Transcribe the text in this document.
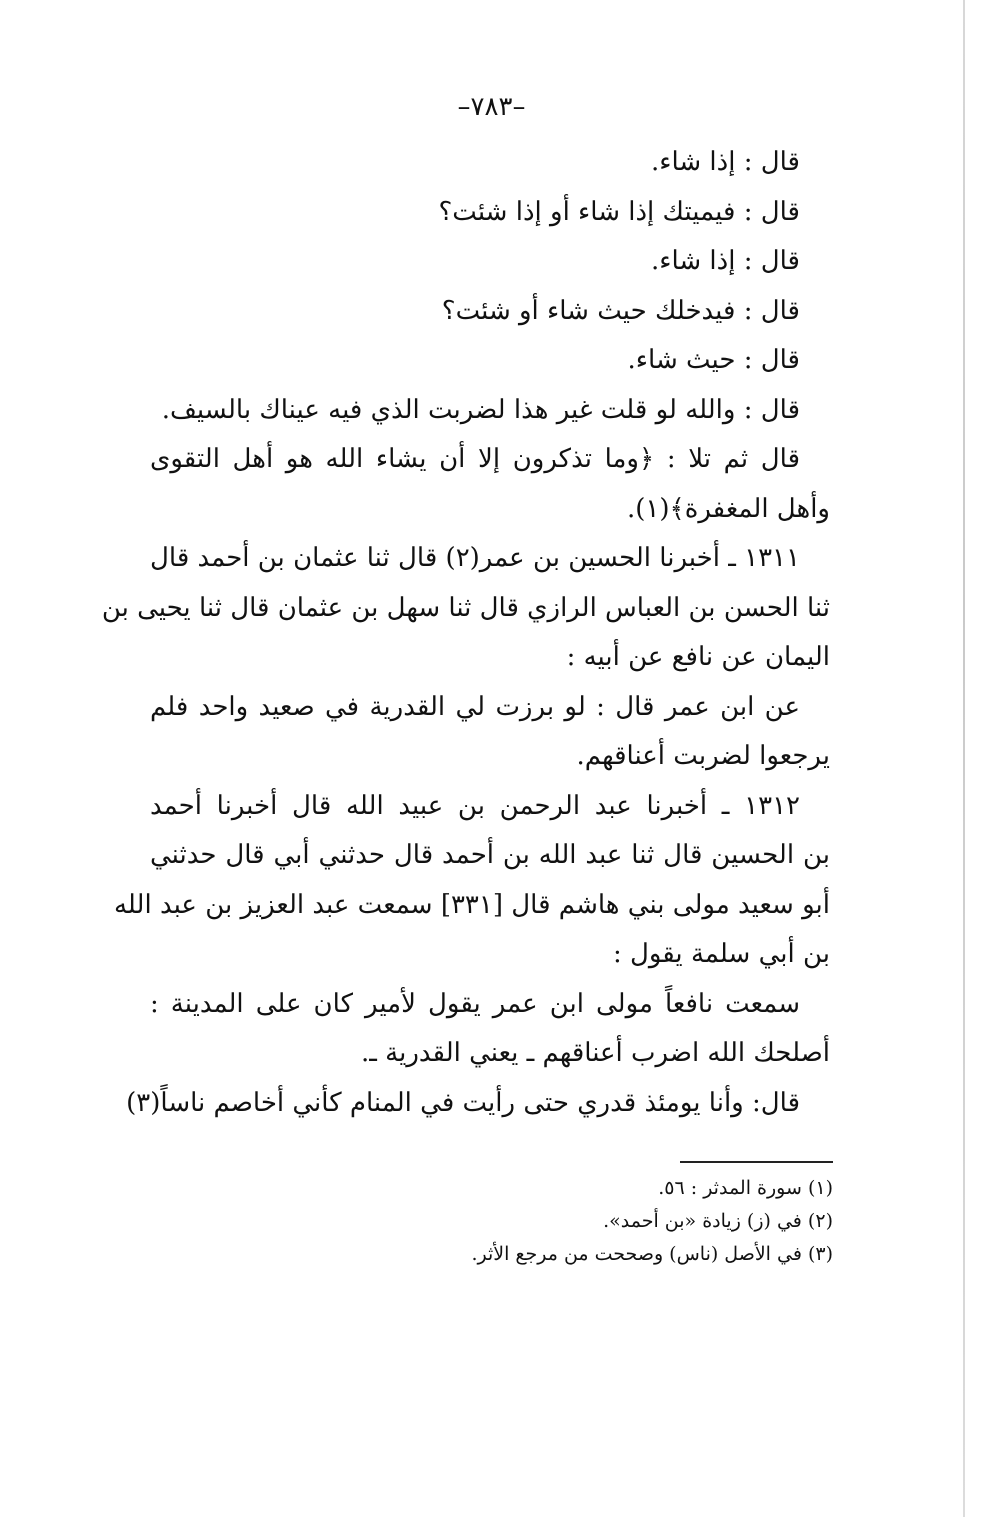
–٧٨٣–
قال : إذا شاء.
قال : فيميتك إذا شاء أو إذا شئت؟
قال : إذا شاء.
قال : فيدخلك حيث شاء أو شئت؟
قال : حيث شاء.
قال : والله لو قلت غير هذا لضربت الذي فيه عيناك بالسيف.
قال ثم تلا : ﴿وما تذكرون إلا أن يشاء الله هو أهل التقوى
وأهل المغفرة﴾(١).
١٣١١ ـ أخبرنا الحسين بن عمر(٢) قال ثنا عثمان بن أحمد قال
ثنا الحسن بن العباس الرازي قال ثنا سهل بن عثمان قال ثنا يحيى بن
اليمان عن نافع عن أبيه :
عن ابن عمر قال : لو برزت لي القدرية في صعيد واحد فلم
يرجعوا لضربت أعناقهم.
١٣١٢ ـ أخبرنا عبد الرحمن بن عبيد الله قال أخبرنا أحمد
بن الحسين قال ثنا عبد الله بن أحمد قال حدثني أبي قال حدثني
أبو سعيد مولى بني هاشم قال [٣٣١] سمعت عبد العزيز بن عبد الله
بن أبي سلمة يقول :
سمعت نافعاً مولى ابن عمر يقول لأمير كان على المدينة :
أصلحك الله اضرب أعناقهم ـ يعني القدرية ـ.
قال: وأنا يومئذ قدري حتى رأيت في المنام كأني أخاصم ناساً(٣)
(١) سورة المدثر : ٥٦.
(٢) في (ز) زيادة «بن أحمد».
(٣) في الأصل (ناس) وصححت من مرجع الأثر.
